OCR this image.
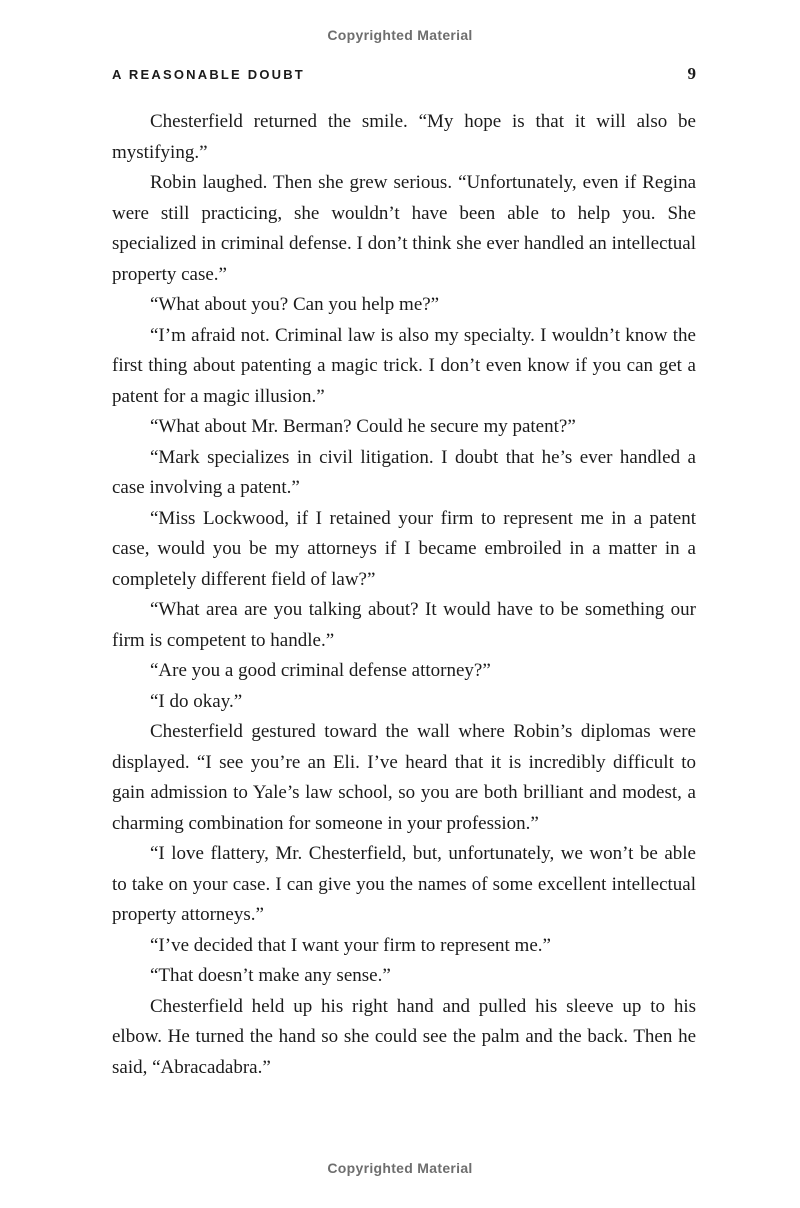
Copyrighted Material
A REASONABLE DOUBT	9

Chesterfield returned the smile. “My hope is that it will also be mystifying.”

Robin laughed. Then she grew serious. “Unfortunately, even if Regina were still practicing, she wouldn’t have been able to help you. She specialized in criminal defense. I don’t think she ever handled an intellectual property case.”

“What about you? Can you help me?”

“I’m afraid not. Criminal law is also my specialty. I wouldn’t know the first thing about patenting a magic trick. I don’t even know if you can get a patent for a magic illusion.”

“What about Mr. Berman? Could he secure my patent?”

“Mark specializes in civil litigation. I doubt that he’s ever handled a case involving a patent.”

“Miss Lockwood, if I retained your firm to represent me in a patent case, would you be my attorneys if I became embroiled in a matter in a completely different field of law?”

“What area are you talking about? It would have to be something our firm is competent to handle.”

“Are you a good criminal defense attorney?”

“I do okay.”

Chesterfield gestured toward the wall where Robin’s diplomas were displayed. “I see you’re an Eli. I’ve heard that it is incredibly difficult to gain admission to Yale’s law school, so you are both brilliant and modest, a charming combination for someone in your profession.”

“I love flattery, Mr. Chesterfield, but, unfortunately, we won’t be able to take on your case. I can give you the names of some excellent intellectual property attorneys.”

“I’ve decided that I want your firm to represent me.”

“That doesn’t make any sense.”

Chesterfield held up his right hand and pulled his sleeve up to his elbow. He turned the hand so she could see the palm and the back. Then he said, “Abracadabra.”

Copyrighted Material
